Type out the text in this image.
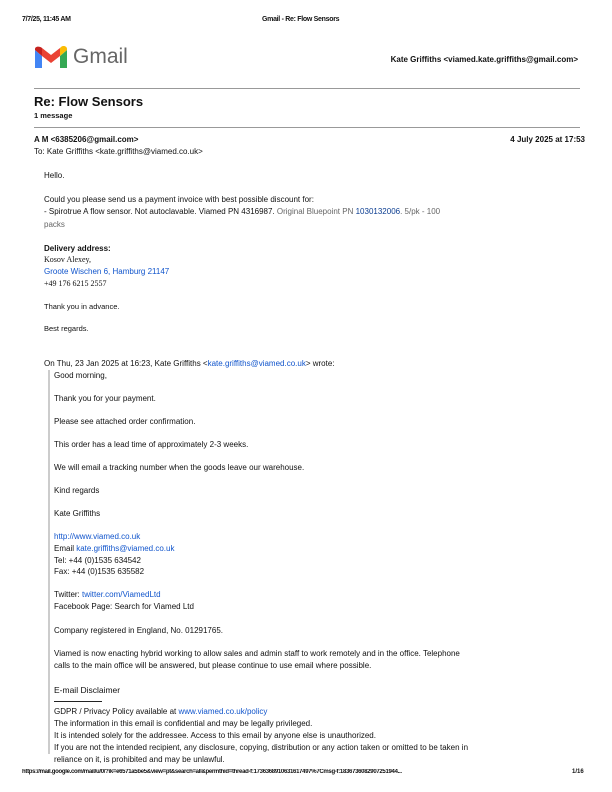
7/7/25, 11:45 AM	Gmail - Re: Flow Sensors
Gmail	Kate Griffiths <viamed.kate.griffiths@gmail.com>
Re: Flow Sensors
1 message
A M <6385206@gmail.com>	4 July 2025 at 17:53
To: Kate Griffiths <kate.griffiths@viamed.co.uk>
Hello.
Could you please send us a payment invoice with best possible discount for:
- Spirotrue A flow sensor. Not autoclavable. Viamed PN 4316987. Original Bluepoint PN 1030132006. 5/pk - 100
packs
Delivery address:
Kosov Alexey,
Groote Wischen 6, Hamburg 21147
+49 176 6215 2557
Thank you in advance.
Best regards.
On Thu, 23 Jan 2025 at 16:23, Kate Griffiths <kate.griffiths@viamed.co.uk> wrote:
Good morning,
Thank you for your payment.
Please see attached order confirmation.
This order has a lead time of approximately 2-3 weeks.
We will email a tracking number when the goods leave our warehouse.
Kind regards
Kate Griffiths
http://www.viamed.co.uk
Email kate.griffiths@viamed.co.uk
Tel: +44 (0)1535 634542
Fax: +44 (0)1535 635582
Twitter: twitter.com/ViamedLtd
Facebook Page: Search for Viamed Ltd
Company registered in England, No. 01291765.
Viamed is now enacting hybrid working to allow sales and admin staff to work remotely and in the office. Telephone
calls to the main office will be answered, but please continue to use email where possible.
E-mail Disclaimer
GDPR / Privacy Policy available at www.viamed.co.uk/policy
The information in this email is confidential and may be legally privileged.
It is intended solely for the addressee. Access to this email by anyone else is unauthorized.
If you are not the intended recipient, any disclosure, copying, distribution or any action taken or omitted to be taken in
reliance on it, is prohibited and may be unlawful.
https://mail.google.com/mail/u/0/?ik=e6571a5be5&view=pt&search=all&permthid=thread-f:1736368910631617497%7Cmsg-f:1836736082907251944...	1/16
